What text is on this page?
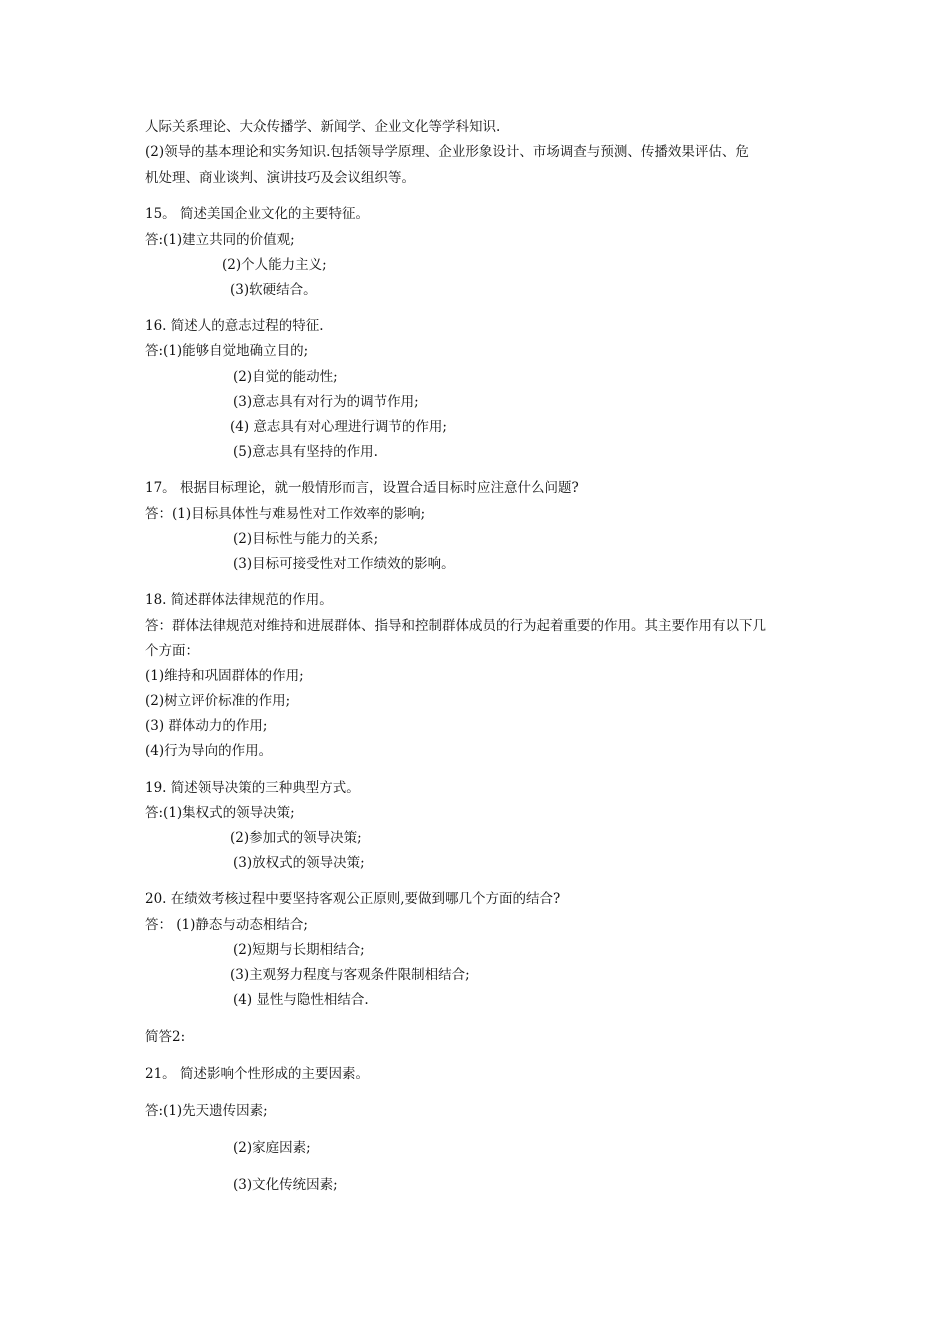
人际关系理论、大众传播学、新闻学、企业文化等学科知识.
(2)领导的基本理论和实务知识.包括领导学原理、企业形象设计、市场调查与预测、传播效果评估、危
机处理、商业谈判、演讲技巧及会议组织等。
15。 简述美国企业文化的主要特征。
答:(1)建立共同的价值观;
(2)个人能力主义;
(3)软硬结合。
16. 简述人的意志过程的特征.
答:(1)能够自觉地确立目的;
(2)自觉的能动性;
(3)意志具有对行为的调节作用;
(4) 意志具有对心理进行调节的作用;
(5)意志具有坚持的作用.
17。 根据目标理论，就一般情形而言，设置合适目标时应注意什么问题?
答：(1)目标具体性与难易性对工作效率的影响;
(2)目标性与能力的关系;
(3)目标可接受性对工作绩效的影响。
18. 简述群体法律规范的作用。
答：群体法律规范对维持和进展群体、指导和控制群体成员的行为起着重要的作用。其主要作用有以下几
个方面：
(1)维持和巩固群体的作用;
(2)树立评价标准的作用;
(3) 群体动力的作用;
(4)行为导向的作用。
19. 简述领导决策的三种典型方式。
答:(1)集权式的领导决策;
(2)参加式的领导决策;
(3)放权式的领导决策;
20. 在绩效考核过程中要坚持客观公正原则,要做到哪几个方面的结合?
答： (1)静态与动态相结合;
(2)短期与长期相结合;
(3)主观努力程度与客观条件限制相结合;
(4) 显性与隐性相结合.
简答2:
21。 简述影响个性形成的主要因素。
答:(1)先天遗传因素;
(2)家庭因素;
(3)文化传统因素;
